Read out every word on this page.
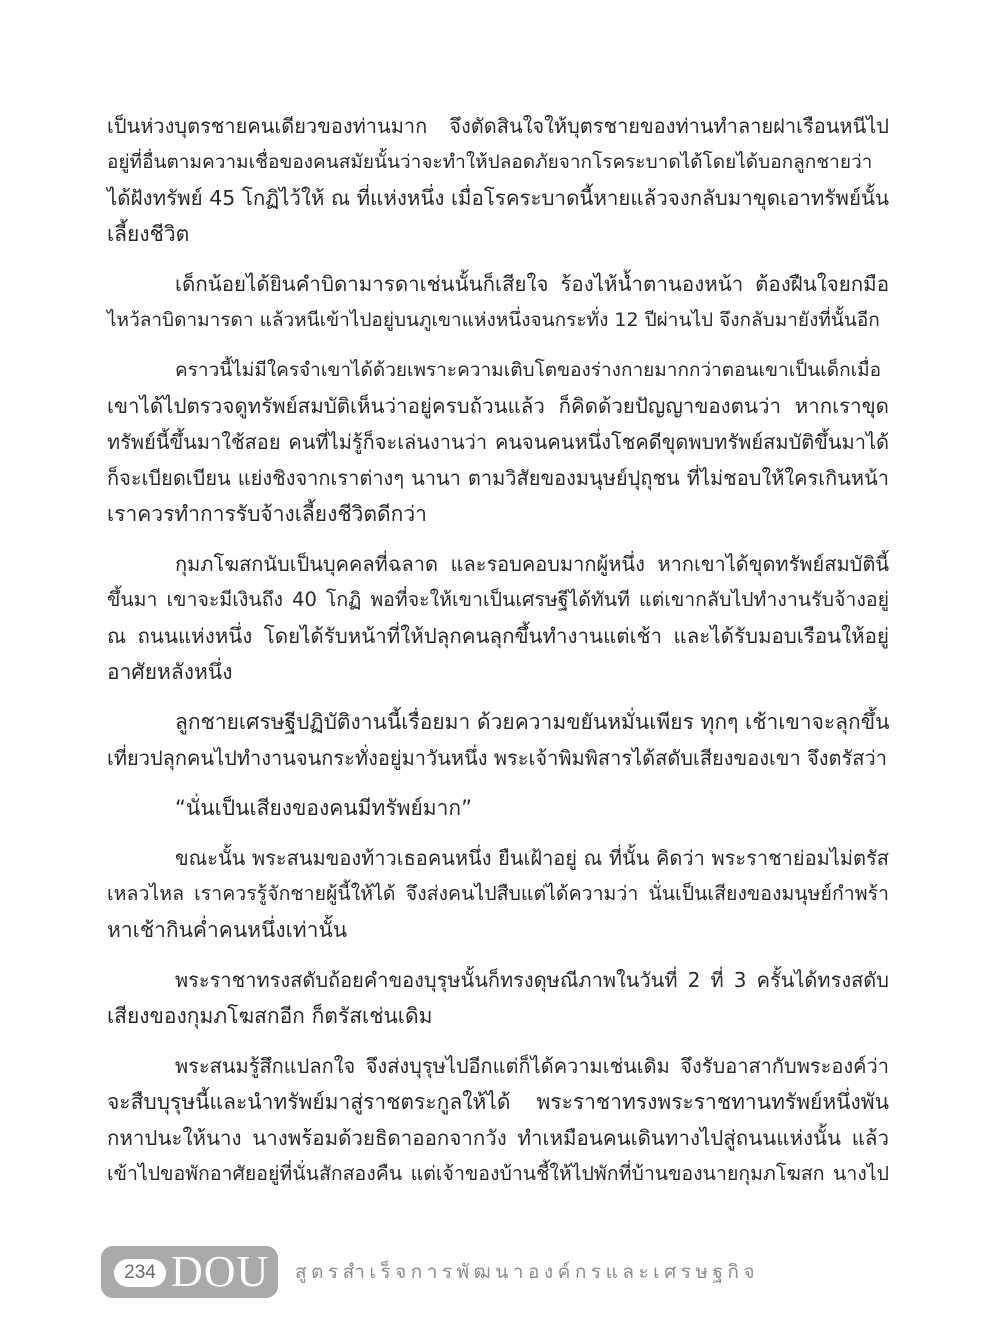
เป็นห่วงบุตรชายคนเดียวของท่านมาก จึงตัดสินใจให้บุตรชายของท่านทำลายฝาเรือนหนีไป
อยู่ที่อื่นตามความเชื่อของคนสมัยนั้นว่าจะทำให้ปลอดภัยจากโรคระบาดได้โดยได้บอกลูกชายว่า
ได้ฝังทรัพย์ 45 โกฏิไว้ให้ ณ ที่แห่งหนึ่ง เมื่อโรคระบาดนี้หายแล้วจงกลับมาขุดเอาทรัพย์นั้น
เลี้ยงชีวิต
เด็กน้อยได้ยินคำบิดามารดาเช่นนั้นก็เสียใจ ร้องไห้น้ำตานองหน้า ต้องฝืนใจยกมือ
ไหว้ลาบิดามารดา แล้วหนีเข้าไปอยู่บนภูเขาแห่งหนึ่งจนกระทั่ง 12 ปีผ่านไป จึงกลับมายังที่นั้นอีก
คราวนี้ไม่มีใครจำเขาได้ด้วยเพราะความเติบโตของร่างกายมากกว่าตอนเขาเป็นเด็กเมื่อ
เขาได้ไปตรวจดูทรัพย์สมบัติเห็นว่าอยู่ครบถ้วนแล้ว ก็คิดด้วยปัญญาของตนว่า หากเราขุด
ทรัพย์นี้ขึ้นมาใช้สอย คนที่ไม่รู้ก็จะเล่นงานว่า คนจนคนหนึ่งโชคดีขุดพบทรัพย์สมบัติขึ้นมาได้
ก็จะเบียดเบียน แย่งชิงจากเราต่างๆ นานา ตามวิสัยของมนุษย์ปุถุชน ที่ไม่ชอบให้ใครเกินหน้า
เราควรทำการรับจ้างเลี้ยงชีวิตดีกว่า
กุมภโฆสกนับเป็นบุคคลที่ฉลาด และรอบคอบมากผู้หนึ่ง หากเขาได้ขุดทรัพย์สมบัตินี้
ขึ้นมา เขาจะมีเงินถึง 40 โกฏิ พอที่จะให้เขาเป็นเศรษฐีได้ทันที แต่เขากลับไปทำงานรับจ้างอยู่
ณ ถนนแห่งหนึ่ง โดยได้รับหน้าที่ให้ปลุกคนลุกขึ้นทำงานแต่เช้า และได้รับมอบเรือนให้อยู่
อาศัยหลังหนึ่ง
ลูกชายเศรษฐีปฏิบัติงานนี้เรื่อยมา ด้วยความขยันหมั่นเพียร ทุกๆ เช้าเขาจะลุกขึ้น
เที่ยวปลุกคนไปทำงานจนกระทั่งอยู่มาวันหนึ่ง พระเจ้าพิมพิสารได้สดับเสียงของเขา จึงตรัสว่า
“นั่นเป็นเสียงของคนมีทรัพย์มาก”
ขณะนั้น พระสนมของท้าวเธอคนหนึ่ง ยืนเฝ้าอยู่ ณ ที่นั้น คิดว่า พระราชาย่อมไม่ตรัส
เหลวไหล เราควรรู้จักชายผู้นี้ให้ได้ จึงส่งคนไปสืบแต่ได้ความว่า นั่นเป็นเสียงของมนุษย์กำพร้า
หาเช้ากินค่ำคนหนึ่งเท่านั้น
พระราชาทรงสดับถ้อยคำของบุรุษนั้นก็ทรงดุษณีภาพในวันที่ 2 ที่ 3 ครั้นได้ทรงสดับ
เสียงของกุมภโฆสกอีก ก็ตรัสเช่นเดิม
พระสนมรู้สึกแปลกใจ จึงส่งบุรุษไปอีกแต่ก็ได้ความเช่นเดิม จึงรับอาสากับพระองค์ว่า
จะสืบบุรุษนี้และนำทรัพย์มาสู่ราชตระกูลให้ได้ พระราชาทรงพระราชทานทรัพย์หนึ่งพัน
กหาปนะให้นาง นางพร้อมด้วยธิดาออกจากวัง ทำเหมือนคนเดินทางไปสู่ถนนแห่งนั้น แล้ว
เข้าไปขอพักอาศัยอยู่ที่นั่นสักสองคืน แต่เจ้าของบ้านชี้ให้ไปพักที่บ้านของนายกุมภโฆสก นางไป
234 DOU สูตรสำเร็จการพัฒนาองค์กรและเศรษฐกิจ
